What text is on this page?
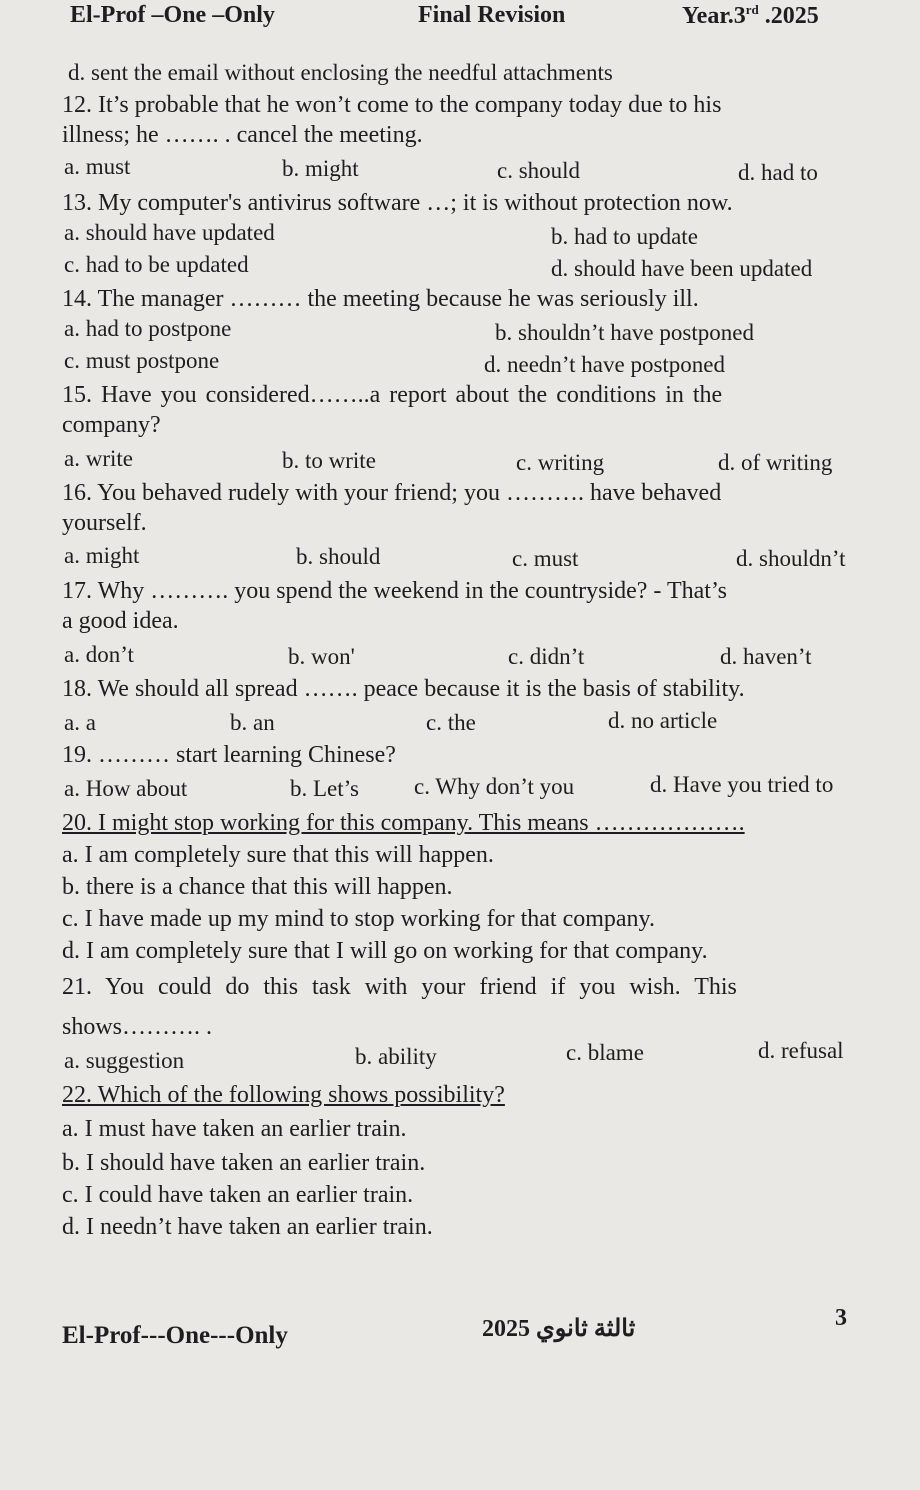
El-Prof –One –Only	Final Revision	Year.3rd .2025
d. sent the email without enclosing the needful attachments
12. It’s probable that he won’t come to the company today due to his
illness; he ……. . cancel the meeting.
a. must	b. might	c. should	d. had to
13. My computer's antivirus software …; it is without protection now.
a. should have updated	b. had to update
c. had to be updated	d. should have been updated
14. The manager ……… the meeting because he was seriously ill.
a. had to postpone	b. shouldn’t have postponed
c. must postpone	d. needn’t have postponed
15. Have you considered……..a report about the conditions in the
company?
a. write	b. to write	c. writing	d. of writing
16. You behaved rudely with your friend; you ………. have behaved
yourself.
a. might	b. should	c. must	d. shouldn’t
17. Why ………. you spend the weekend in the countryside? - That’s
a good idea.
a. don’t	b. won'	c. didn’t	d. haven’t
18. We should all spread ……. peace because it is the basis of stability.
a. a	b. an	c. the	d. no article
19. ……… start learning Chinese?
a. How about	b. Let’s c. Why don’t you	d. Have you tried to
20. I might stop working for this company. This means ……………….
a. I am completely sure that this will happen.
b. there is a chance that this will happen.
c. I have made up my mind to stop working for that company.
d. I am completely sure that I will go on working for that company.
21. You could do this task with your friend if you wish. This
shows………. .
a. suggestion	b. ability	c. blame	d. refusal
22. Which of the following shows possibility?
a. I must have taken an earlier train.
b. I should have taken an earlier train.
c. I could have taken an earlier train.
d. I needn’t have taken an earlier train.
El-Prof---One---Only	2025 ثالثة ثانوي	3
